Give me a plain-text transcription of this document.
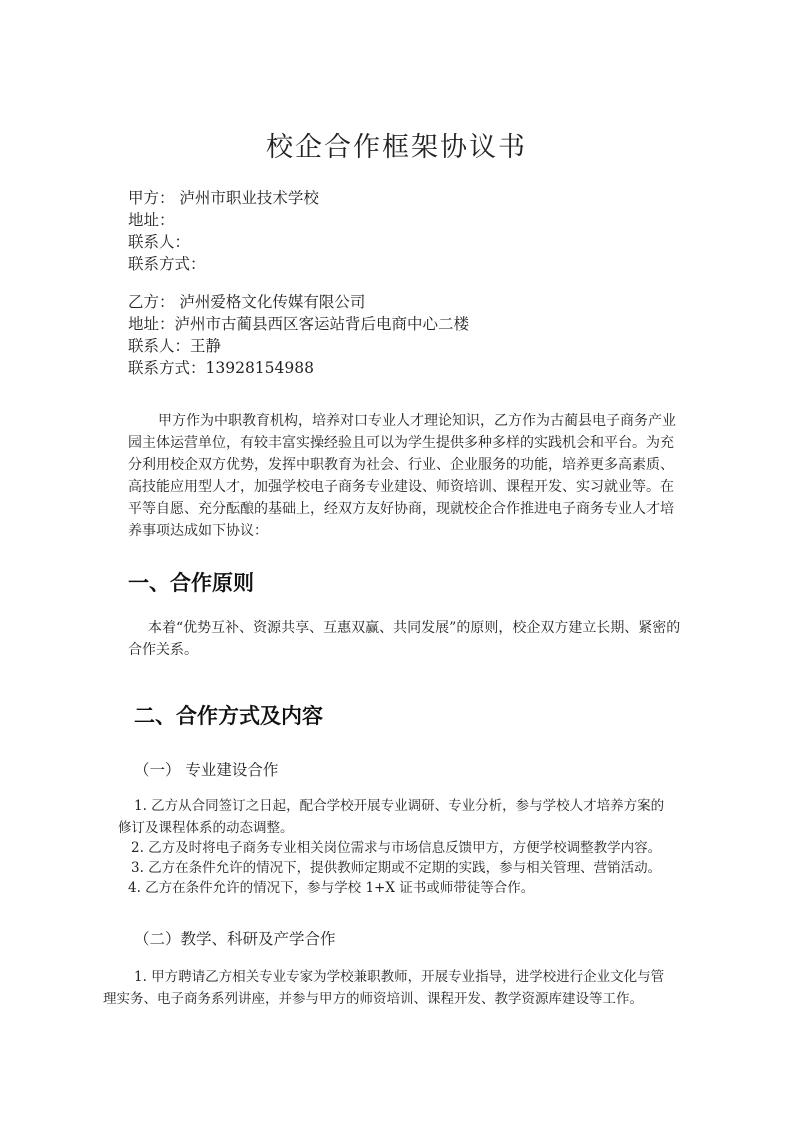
校企合作框架协议书
甲方： 泸州市职业技术学校
地址：
联系人：
联系方式：
乙方： 泸州爱格文化传媒有限公司
地址：泸州市古蔺县西区客运站背后电商中心二楼
联系人：王静
联系方式：13928154988
甲方作为中职教育机构，培养对口专业人才理论知识，乙方作为古蔺县电子商务产业
园主体运营单位，有较丰富实操经验且可以为学生提供多种多样的实践机会和平台。为充
分利用校企双方优势，发挥中职教育为社会、行业、企业服务的功能，培养更多高素质、
高技能应用型人才，加强学校电子商务专业建设、师资培训、课程开发、实习就业等。在
平等自愿、充分酝酿的基础上，经双方友好协商，现就校企合作推进电子商务专业人才培
养事项达成如下协议：
一、合作原则
本着“优势互补、资源共享、互惠双赢、共同发展”的原则，校企双方建立长期、紧密的
合作关系。
二、合作方式及内容
（一） 专业建设合作
1. 乙方从合同签订之日起，配合学校开展专业调研、专业分析，参与学校人才培养方案的
修订及课程体系的动态调整。
2. 乙方及时将电子商务专业相关岗位需求与市场信息反馈甲方，方便学校调整教学内容。
3. 乙方在条件允许的情况下，提供教师定期或不定期的实践，参与相关管理、营销活动。
4. 乙方在条件允许的情况下，参与学校 1+X 证书或师带徒等合作。
（二）教学、科研及产学合作
1. 甲方聘请乙方相关专业专家为学校兼职教师，开展专业指导，进学校进行企业文化与管
理实务、电子商务系列讲座，并参与甲方的师资培训、课程开发、教学资源库建设等工作。
